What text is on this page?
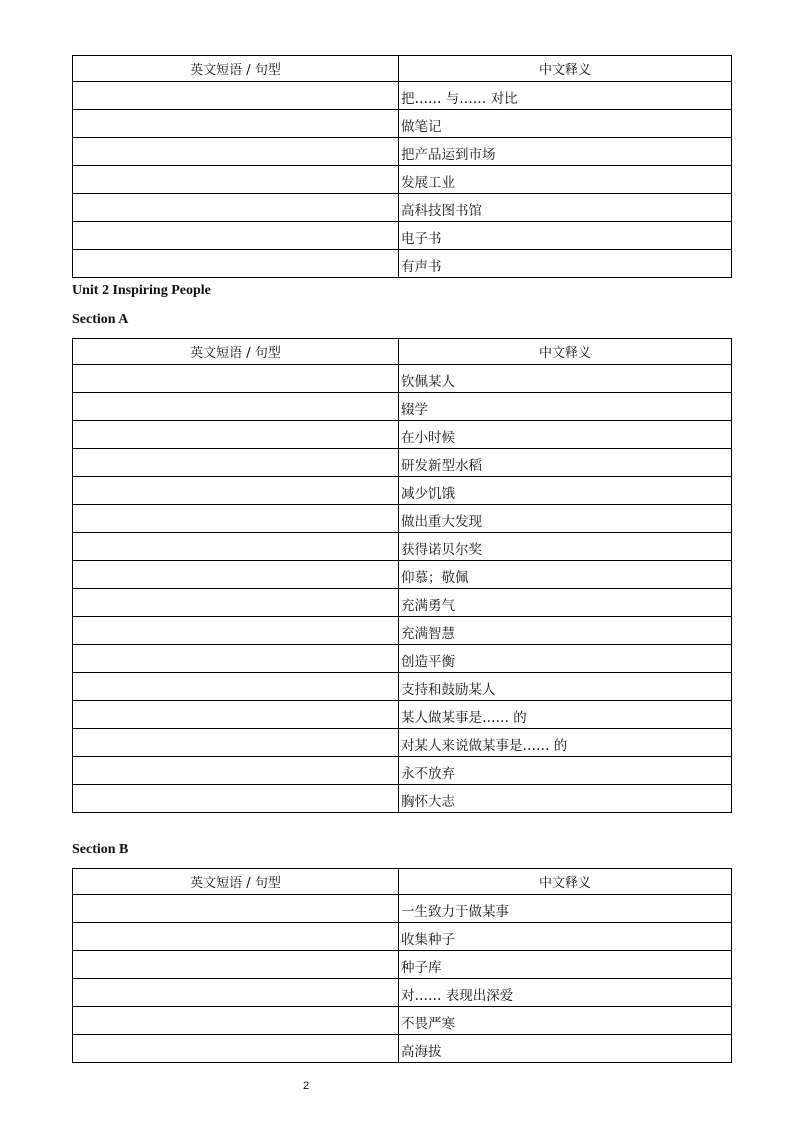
英文短语 / 句型	中文释义
	把…… 与…… 对比
	做笔记
	把产品运到市场
	发展工业
	高科技图书馆
	电子书
	有声书
Unit 2 Inspiring People
Section A
英文短语 / 句型	中文释义
	钦佩某人
	辍学
	在小时候
	研发新型水稻
	减少饥饿
	做出重大发现
	获得诺贝尔奖
	仰慕；敬佩
	充满勇气
	充满智慧
	创造平衡
	支持和鼓励某人
	某人做某事是…… 的
	对某人来说做某事是…… 的
	永不放弃
	胸怀大志
Section B
英文短语 / 句型	中文释义
	一生致力于做某事
	收集种子
	种子库
	对…… 表现出深爱
	不畏严寒
	高海拔
2
